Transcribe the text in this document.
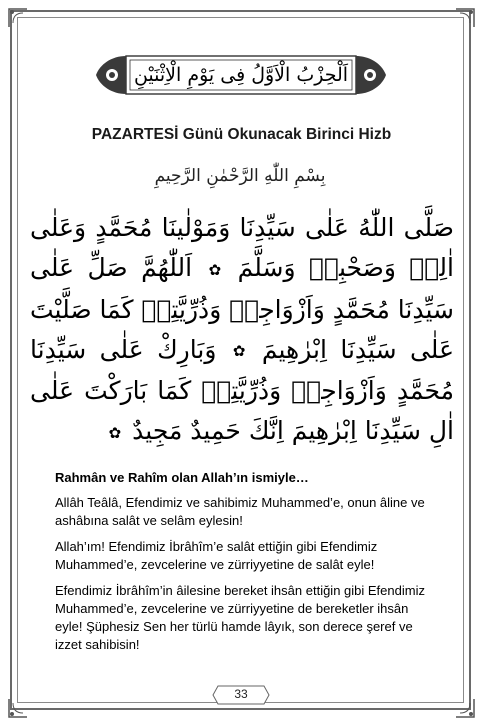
اَلْحِزْبُ الْاَوَّلُ فِى يَوْمِ الْاِثْنَيْنِ
PAZARTESİ Günü Okunacak Birinci Hizb
بِسْمِ اللّٰهِ الرَّحْمٰنِ الرَّحِيمِ
صَلَّى اللّٰهُ عَلٰى سَيِّدِنَا وَمَوْلٰينَا مُحَمَّدٍ وَعَلٰى اٰلِهٖ وَصَحْبِهٖ وَسَلَّمَ ✿ اَللّٰهُمَّ صَلِّ عَلٰى سَيِّدِنَا مُحَمَّدٍ وَاَزْوَاجِهٖ وَذُرِّيَّتِهٖ كَمَا صَلَّيْتَ عَلٰى سَيِّدِنَا اِبْرٰهِيمَ ✿ وَبَارِكْ عَلٰى سَيِّدِنَا مُحَمَّدٍ وَاَزْوَاجِهٖ وَذُرِّيَّتِهٖ كَمَا بَارَكْتَ عَلٰى اٰلِ سَيِّدِنَا اِبْرٰهِيمَ اِنَّكَ حَمِيدٌ مَجِيدٌ ✿
Rahmân ve Rahîm olan Allah’ın ismiyle…

Allâh Teâlâ, Efendimiz ve sahibimiz Muhammed’e, onun âline ve ashâbına salât ve selâm eylesin!

Allah’ım! Efendimiz İbrâhîm’e salât ettiğin gibi Efendimiz Muhammed’e, zevcelerine ve zürriyyetine de salât eyle!

Efendimiz İbrâhîm’in âilesine bereket ihsân ettiğin gibi Efendimiz Muhammed’e, zevcelerine ve zürriyyetine de bereketler ihsân eyle! Şüphesiz Sen her türlü hamde lâyık, son derece şeref ve izzet sahibisin!

33
